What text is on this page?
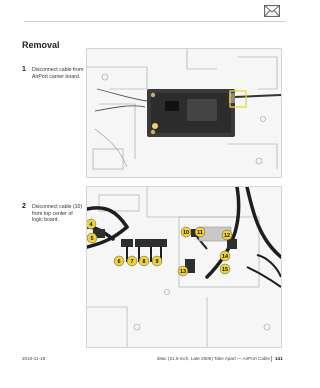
Removal
1 Disconnect cable from AirPort carrier board.
2 Disconnect cable (10) from top center of logic board.
4
5
6 7 8 9
10 11	12
13
14
15
2010-11-18	iMac (21.5-inch, Late 2009) Take Apart — AirPort Cable 141
